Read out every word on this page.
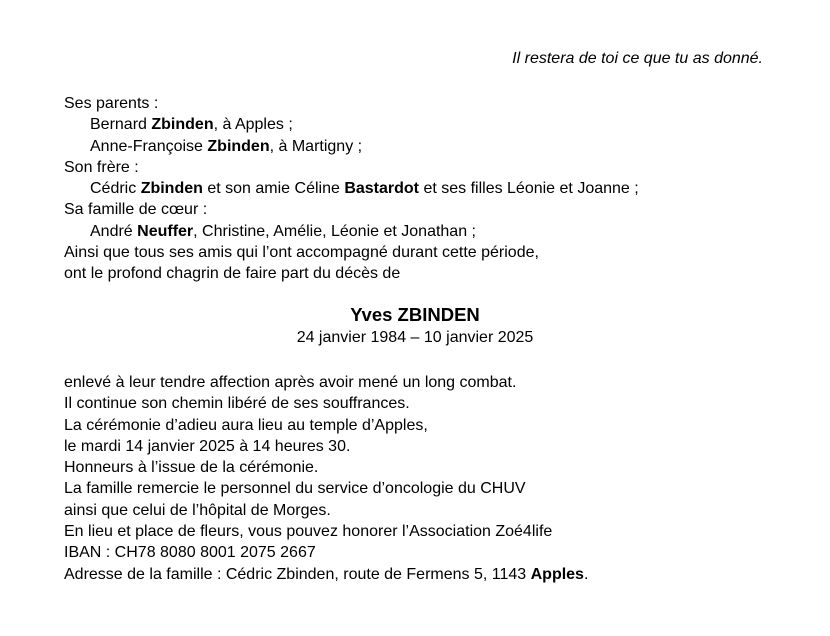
Il restera de toi ce que tu as donné.
Ses parents :
Bernard Zbinden, à Apples ;
Anne-Françoise Zbinden, à Martigny ;
Son frère :
Cédric Zbinden et son amie Céline Bastardot et ses filles Léonie et Joanne ;
Sa famille de cœur :
André Neuffer, Christine, Amélie, Léonie et Jonathan ;
Ainsi que tous ses amis qui l’ont accompagné durant cette période,
ont le profond chagrin de faire part du décès de
Yves ZBINDEN
24 janvier 1984 – 10 janvier 2025
enlevé à leur tendre affection après avoir mené un long combat.
Il continue son chemin libéré de ses souffrances.
La cérémonie d’adieu aura lieu au temple d’Apples,
le mardi 14 janvier 2025 à 14 heures 30.
Honneurs à l’issue de la cérémonie.
La famille remercie le personnel du service d’oncologie du CHUV
ainsi que celui de l’hôpital de Morges.
En lieu et place de fleurs, vous pouvez honorer l’Association Zoé4life
IBAN : CH78 8080 8001 2075 2667
Adresse de la famille : Cédric Zbinden, route de Fermens 5, 1143 Apples.
